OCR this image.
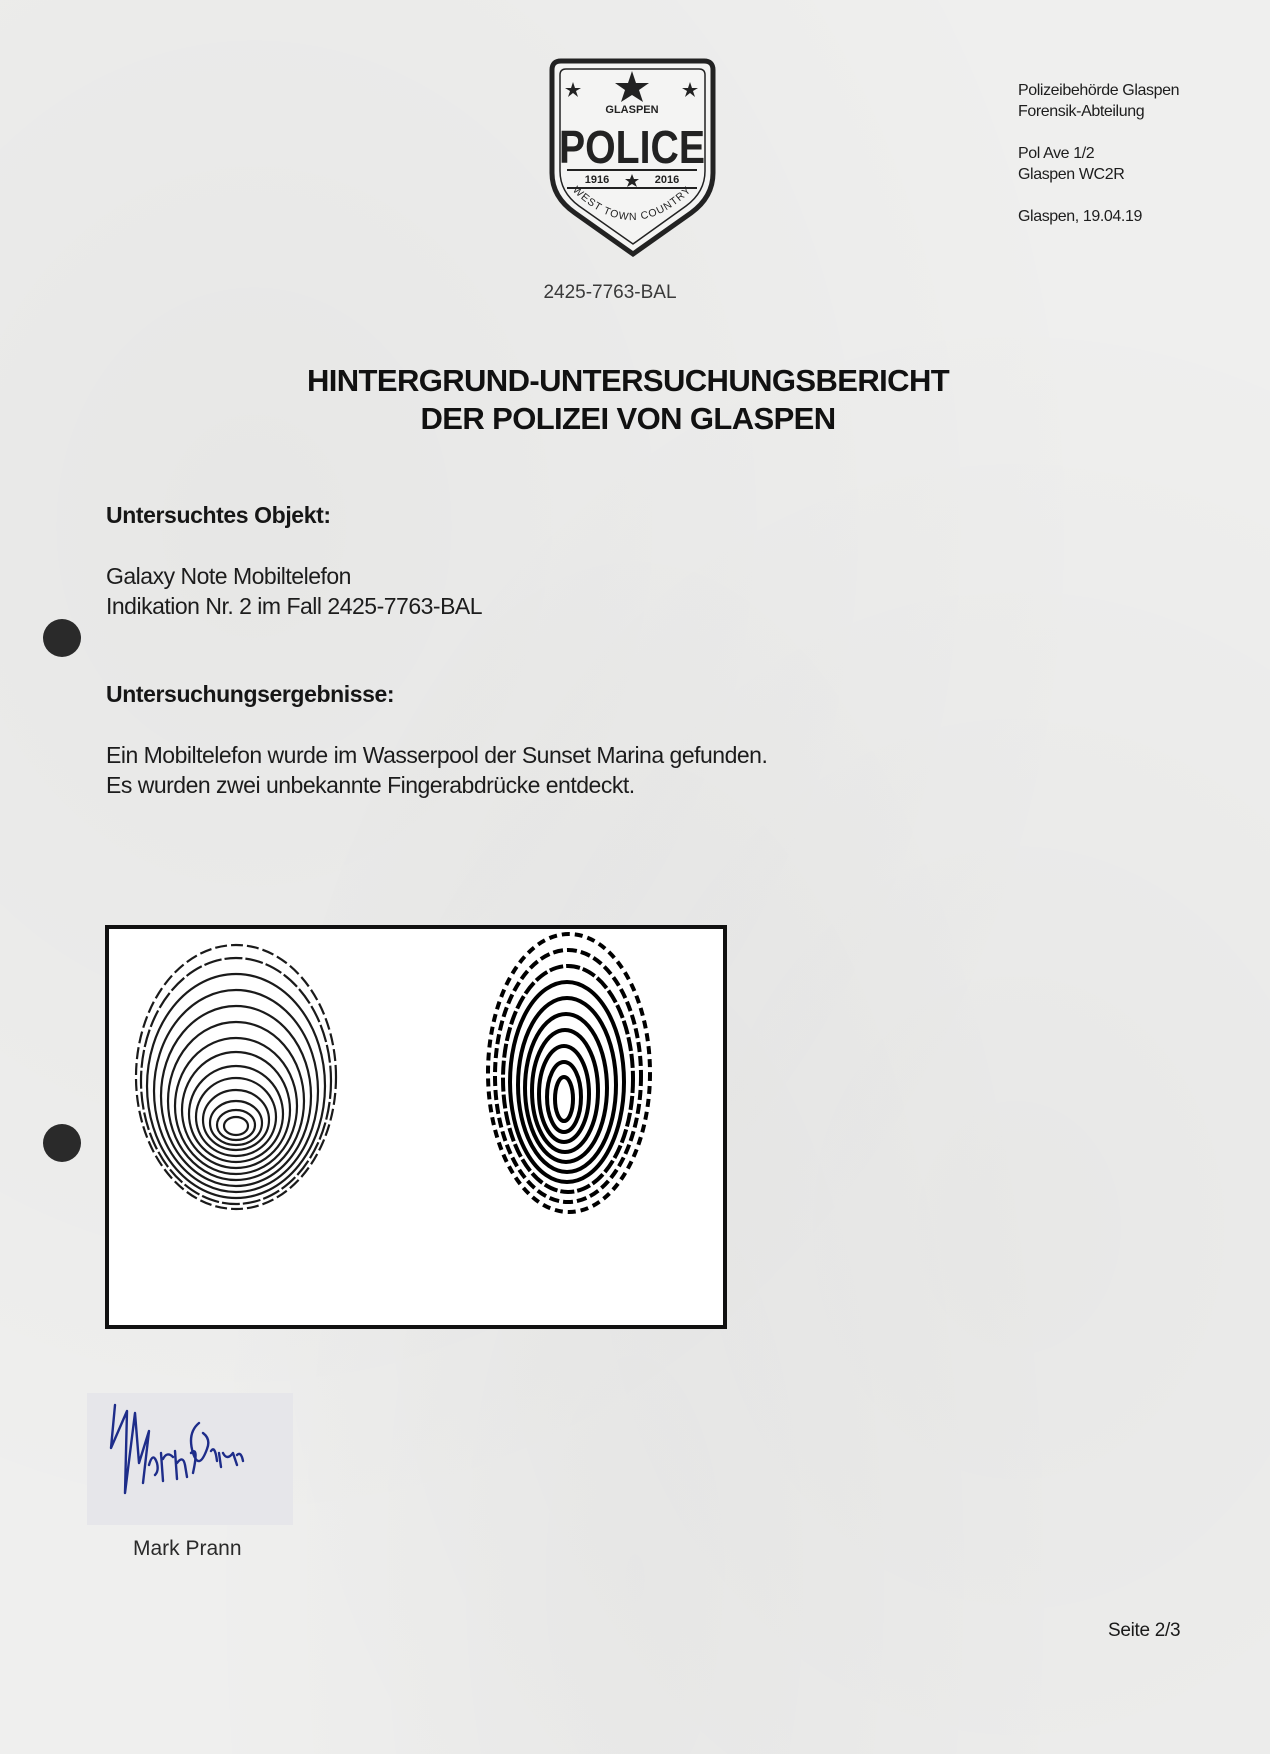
GLASPEN
POLICE
1916	2016
WEST TOWN COUNTRY
2425-7763-BAL
Polizeibehörde Glaspen
Forensik-Abteilung
Pol Ave 1/2
Glaspen WC2R
Glaspen, 19.04.19
HINTERGRUND-UNTERSUCHUNGSBERICHT
DER POLIZEI VON GLASPEN
Untersuchtes Objekt:
Galaxy Note Mobiltelefon
Indikation Nr. 2 im Fall 2425-7763-BAL
Untersuchungsergebnisse:
Ein Mobiltelefon wurde im Wasserpool der Sunset Marina gefunden.
Es wurden zwei unbekannte Fingerabdrücke entdeckt.
Mark Prann
Seite 2/3
